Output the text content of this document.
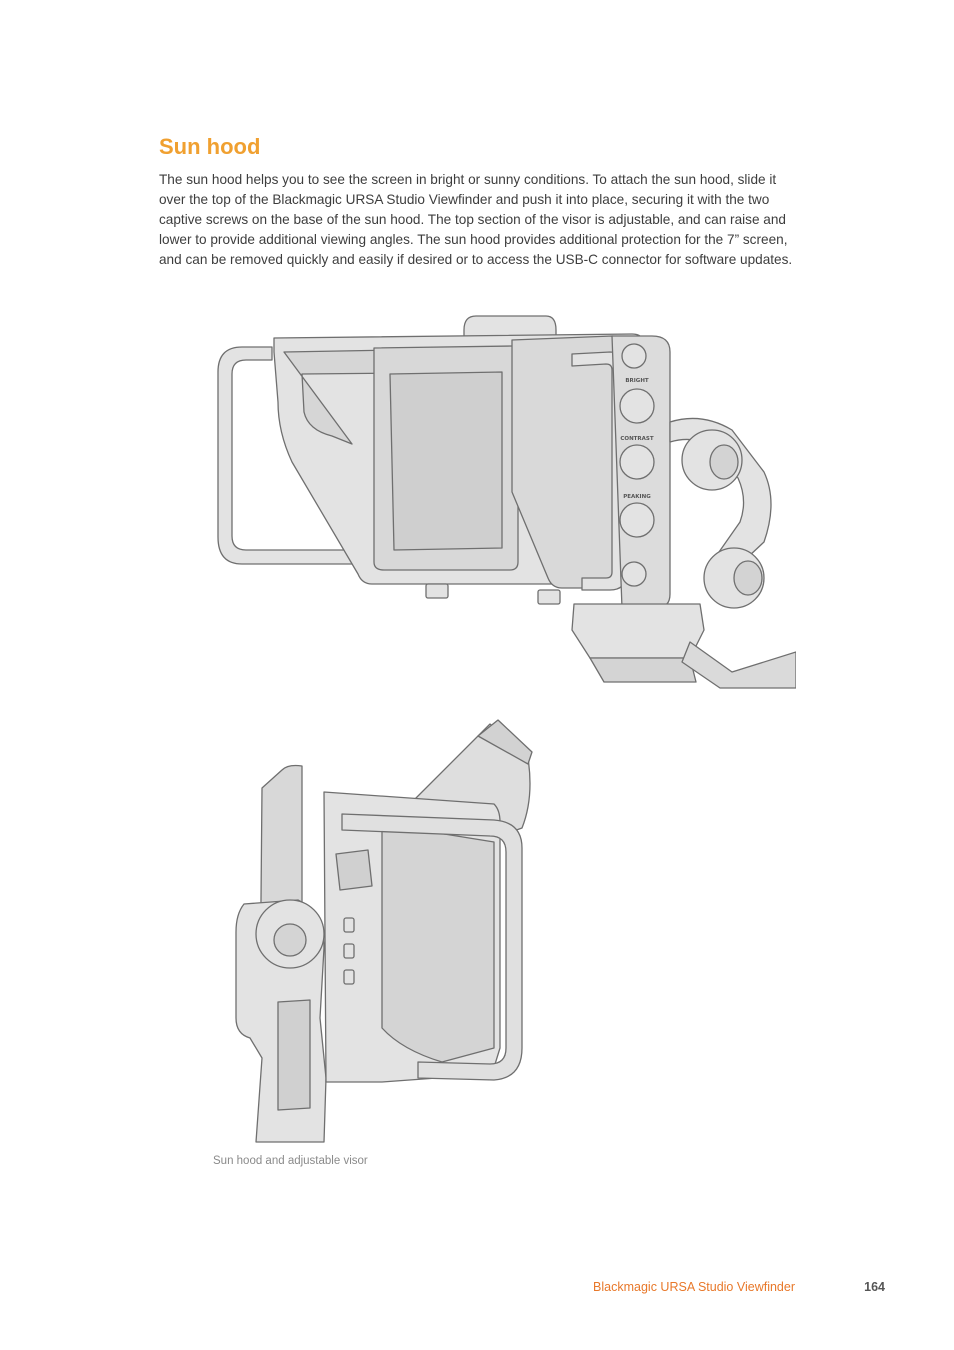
Sun hood

The sun hood helps you to see the screen in bright or sunny conditions. To attach the sun hood, slide it over the top of the Blackmagic URSA Studio Viewfinder and push it into place, securing it with the two captive screws on the base of the sun hood. The top section of the visor is adjustable, and can raise and lower to provide additional viewing angles. The sun hood provides additional protection for the 7” screen, and can be removed quickly and easily if desired or to access the USB-C connector for software updates.

BRIGHT
CONTRAST
PEAKING

Sun hood and adjustable visor

Blackmagic URSA Studio Viewfinder	164
